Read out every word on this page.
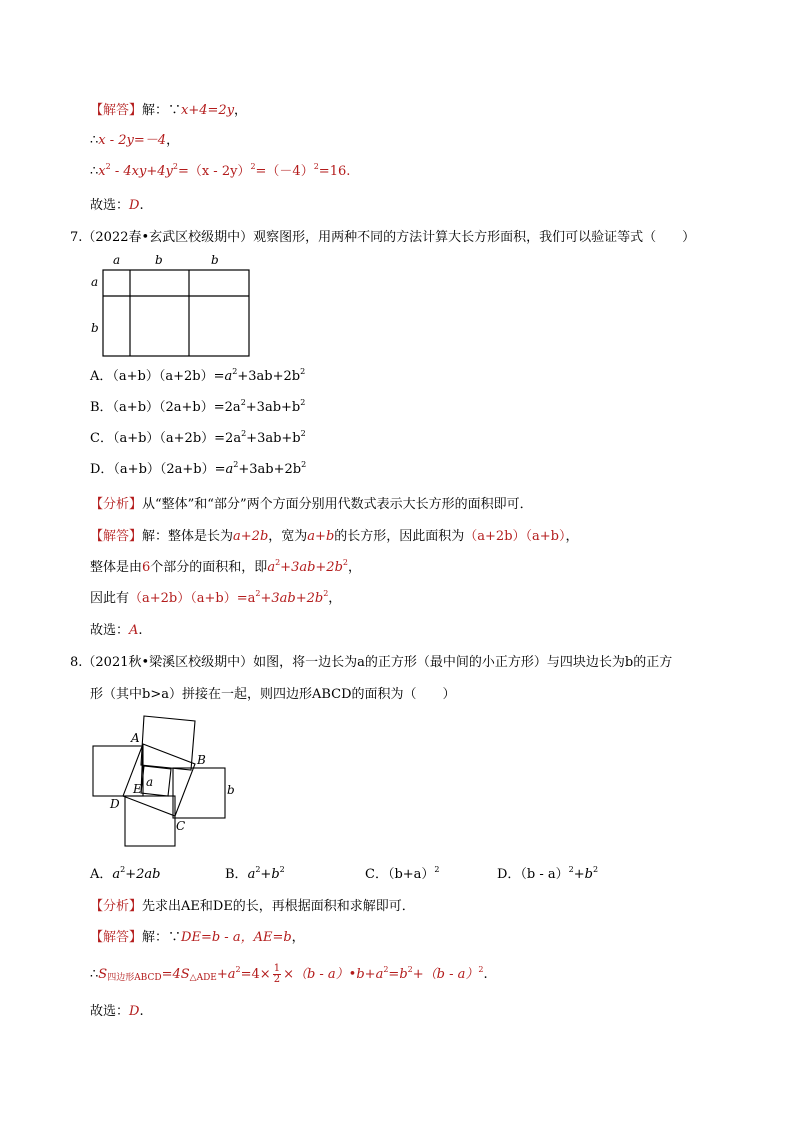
【解答】解：∵x+4=2y，
∴x - 2y=－4，
$\therefore x^2 - 4xy+4y^2=(x - 2y)^2=(-4)^2=16$.
故选：D.
7.（2022春•玄武区校级期中）观察图形，用两种不同的方法计算大长方形面积，我们可以验证等式（　　）
a	b	b
a
b
A．$(a+b)(a+2b)=a^2+3ab+2b^2$
B．$(a+b)(2a+b)=2a^2+3ab+b^2$
C．$(a+b)(a+2b)=2a^2+3ab+b^2$
D．$(a+b)(2a+b)=a^2+3ab+2b^2$
【分析】从“整体”和“部分”两个方面分别用代数式表示大长方形的面积即可．
【解答】解：整体是长为a+2b，宽为a+b的长方形，因此面积为（a+2b）（a+b），
整体是由6个部分的面积和，即$a^2+3ab+2b^2$，
因此有$(a+2b)(a+b)=a^2+3ab+2b^2$，
故选：A.
8.（2021秋•梁溪区校级期中）如图，将一边长为a的正方形（最中间的小正方形）与四块边长为b的正方
形（其中b>a）拼接在一起，则四边形ABCD的面积为（　　）
A
B
C
D
E a
b
A．$a^2+2ab$	B．$a^2+b^2$	C．$(b+a)^2$	D．$(b - a)^2+b^2$
【分析】先求出AE和DE的长，再根据面积和求解即可．
【解答】解：∵DE=b - a，AE=b，
$\therefore S_{四边形ABCD}=4S_{\triangle ADE}+a^2=4\times \frac{1}{2} \times(b$ - $a)•b+a^2=b^2+(b - a)^2$.
故选：D.
